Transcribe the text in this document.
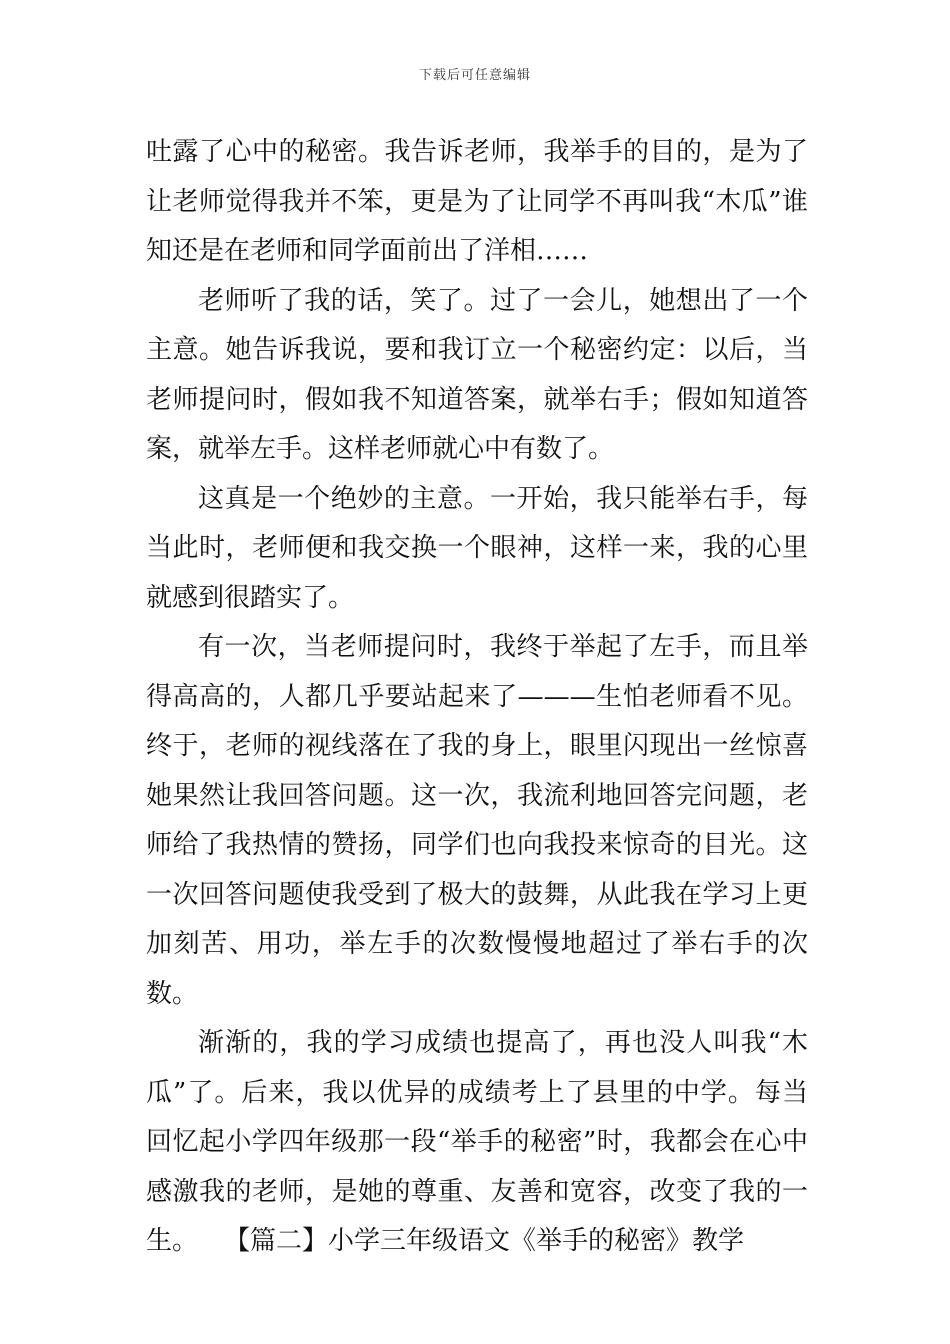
下载后可任意编辑

吐露了心中的秘密。我告诉老师，我举手的目的，是为了让老师觉得我并不笨，更是为了让同学不再叫我“木瓜”谁知还是在老师和同学面前出了洋相……

老师听了我的话，笑了。过了一会儿，她想出了一个主意。她告诉我说，要和我订立一个秘密约定：以后，当老师提问时，假如我不知道答案，就举右手；假如知道答案，就举左手。这样老师就心中有数了。

这真是一个绝妙的主意。一开始，我只能举右手，每当此时，老师便和我交换一个眼神，这样一来，我的心里就感到很踏实了。

有一次，当老师提问时，我终于举起了左手，而且举得高高的，人都几乎要站起来了———生怕老师看不见。终于，老师的视线落在了我的身上，眼里闪现出一丝惊喜她果然让我回答问题。这一次，我流利地回答完问题，老师给了我热情的赞扬，同学们也向我投来惊奇的目光。这一次回答问题使我受到了极大的鼓舞，从此我在学习上更加刻苦、用功，举左手的次数慢慢地超过了举右手的次数。

渐渐的，我的学习成绩也提高了，再也没人叫我“木瓜”了。后来，我以优异的成绩考上了县里的中学。每当回忆起小学四年级那一段“举手的秘密”时，我都会在心中感激我的老师，是她的尊重、友善和宽容，改变了我的一生。　　【篇二】小学三年级语文《举手的秘密》教学
